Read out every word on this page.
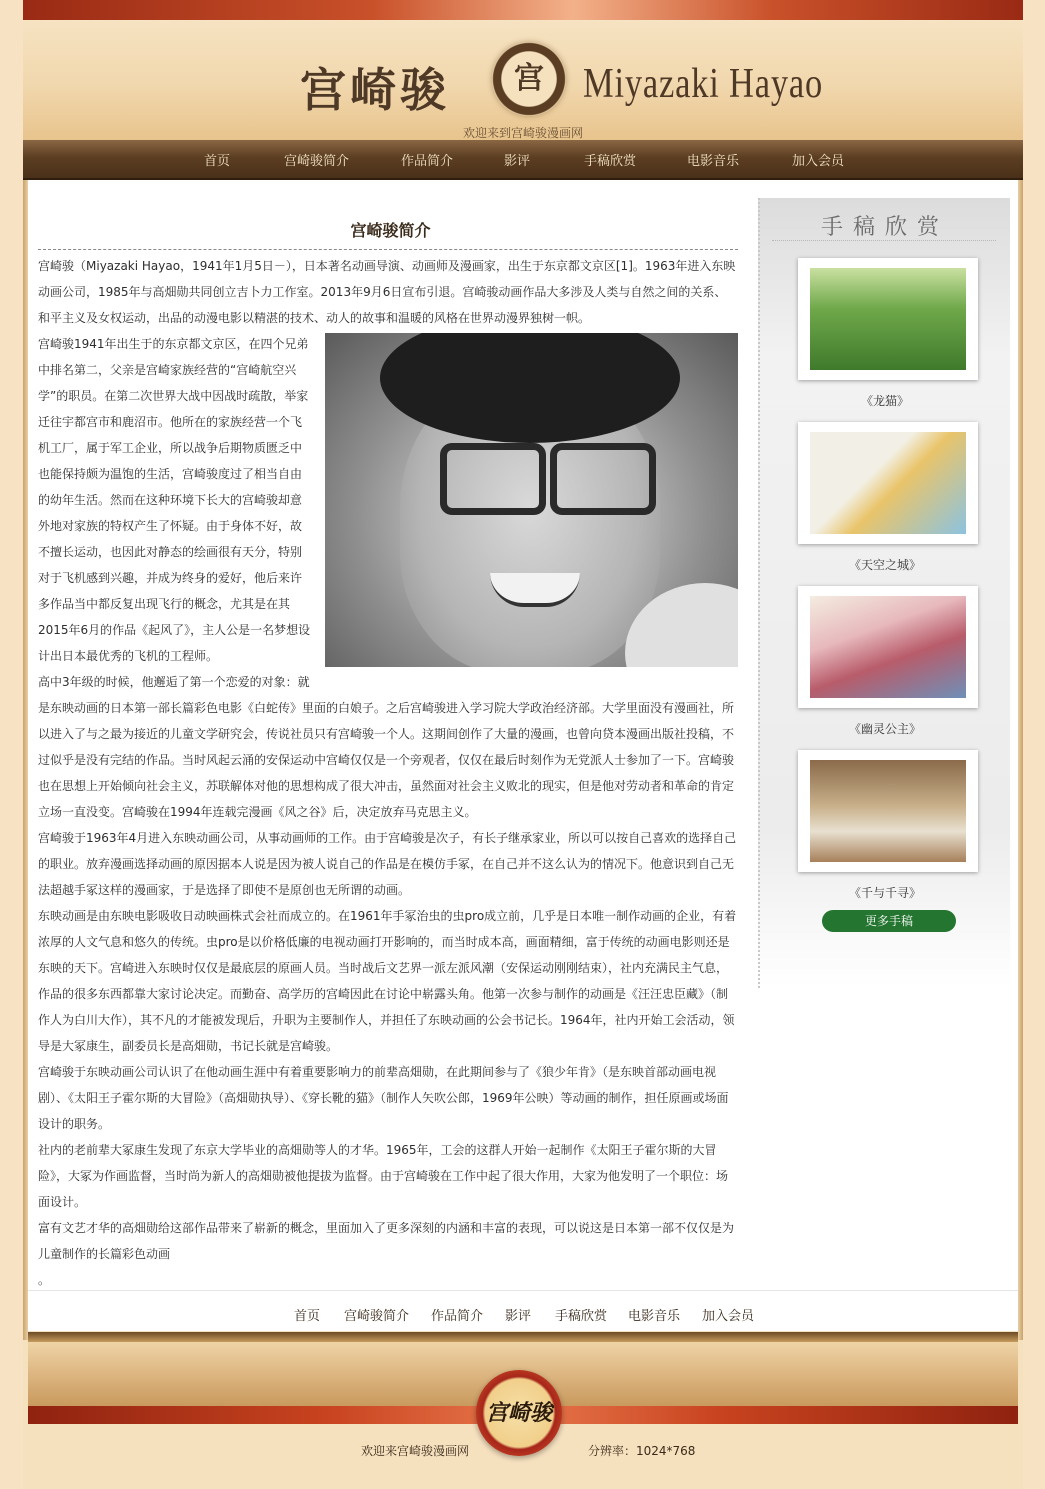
宫崎骏	宫 Miyazaki Hayao
欢迎来到宫崎骏漫画网
首页	宫崎骏简介	作品简介	影评	手稿欣赏	电影音乐	加入会员
宫崎骏简介

宫崎骏（Miyazaki Hayao，1941年1月5日－），日本著名动画导演、动画师及漫画家，出生于东京都文京区[1]。1963年进入东映动画公司，1985年与高畑勋共同创立吉卜力工作室。2013年9月6日宣布引退。宫崎骏动画作品大多涉及人类与自然之间的关系、和平主义及女权运动，出品的动漫电影以精湛的技术、动人的故事和温暖的风格在世界动漫界独树一帜。

宫崎骏1941年出生于的东京都文京区，在四个兄弟中排名第二，父亲是宫崎家族经营的“宫崎航空兴学”的职员。在第二次世界大战中因战时疏散，举家迁往宇都宫市和鹿沼市。他所在的家族经营一个飞机工厂，属于军工企业，所以战争后期物质匮乏中也能保持颇为温饱的生活，宫崎骏度过了相当自由的幼年生活。然而在这种环境下长大的宫崎骏却意外地对家族的特权产生了怀疑。由于身体不好，故不擅长运动，也因此对静态的绘画很有天分，特别对于飞机感到兴趣，并成为终身的爱好，他后来许多作品当中都反复出现飞行的概念，尤其是在其2015年6月的作品《起风了》，主人公是一名梦想设计出日本最优秀的飞机的工程师。

高中3年级的时候，他邂逅了第一个恋爱的对象：就是东映动画的日本第一部长篇彩色电影《白蛇传》里面的白娘子。之后宫崎骏进入学习院大学政治经济部。大学里面没有漫画社，所以进入了与之最为接近的儿童文学研究会，传说社员只有宫崎骏一个人。这期间创作了大量的漫画，也曾向贷本漫画出版社投稿，不过似乎是没有完结的作品。当时风起云涌的安保运动中宫崎仅仅是一个旁观者，仅仅在最后时刻作为无党派人士参加了一下。宫崎骏也在思想上开始倾向社会主义，苏联解体对他的思想构成了很大冲击，虽然面对社会主义败北的现实，但是他对劳动者和革命的肯定立场一直没变。宫崎骏在1994年连载完漫画《风之谷》后，决定放弃马克思主义。

宫崎骏于1963年4月进入东映动画公司，从事动画师的工作。由于宫崎骏是次子，有长子继承家业，所以可以按自己喜欢的选择自己的职业。放弃漫画选择动画的原因据本人说是因为被人说自己的作品是在模仿手冢，在自己并不这么认为的情况下。他意识到自己无法超越手冢这样的漫画家，于是选择了即使不是原创也无所谓的动画。

东映动画是由东映电影吸收日动映画株式会社而成立的。在1961年手冢治虫的虫pro成立前，几乎是日本唯一制作动画的企业，有着浓厚的人文气息和悠久的传统。虫pro是以价格低廉的电视动画打开影响的，而当时成本高，画面精细，富于传统的动画电影则还是东映的天下。宫崎进入东映时仅仅是最底层的原画人员。当时战后文艺界一派左派风潮（安保运动刚刚结束），社内充满民主气息，作品的很多东西都靠大家讨论决定。而勤奋、高学历的宫崎因此在讨论中崭露头角。他第一次参与制作的动画是《汪汪忠臣藏》（制作人为白川大作），其不凡的才能被发现后，升职为主要制作人，并担任了东映动画的公会书记长。1964年，社内开始工会活动，领导是大冢康生，副委员长是高畑勋，书记长就是宫崎骏。

宫崎骏于东映动画公司认识了在他动画生涯中有着重要影响力的前辈高畑勋，在此期间参与了《狼少年肯》（是东映首部动画电视剧）、《太阳王子霍尔斯的大冒险》（高畑勋执导）、《穿长靴的猫》（制作人矢吹公郎，1969年公映）等动画的制作，担任原画或场面设计的职务。

社内的老前辈大冢康生发现了东京大学毕业的高畑勋等人的才华。1965年，工会的这群人开始一起制作《太阳王子霍尔斯的大冒险》，大冢为作画监督，当时尚为新人的高畑勋被他提拔为监督。由于宫崎骏在工作中起了很大作用，大家为他发明了一个职位：场面设计。

富有文艺才华的高畑勋给这部作品带来了崭新的概念，里面加入了更多深刻的内涵和丰富的表现，可以说这是日本第一部不仅仅是为儿童制作的长篇彩色动画

。

手稿欣赏
《龙猫》
《天空之城》
《幽灵公主》
《千与千寻》
更多手稿
首页 宫崎骏简介 作品简介 影评 手稿欣赏 电影音乐 加入会员
宫崎骏
欢迎来宫崎骏漫画网	分辨率：1024*768
